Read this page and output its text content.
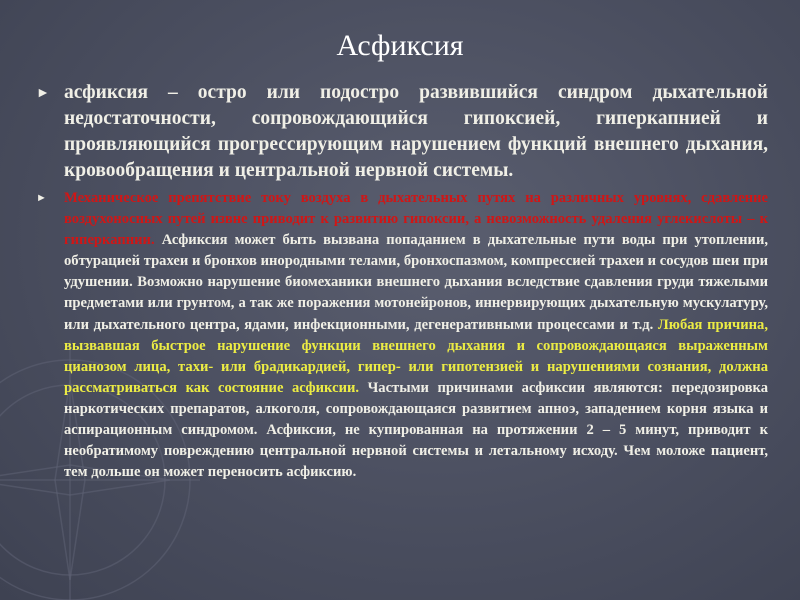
Асфиксия
► асфиксия – остро или подостро развившийся синдром дыхательной недостаточности, сопровождающийся гипоксией, гиперкапнией и проявляющийся прогрессирующим нарушением функций внешнего дыхания, кровообращения и центральной нервной системы.
► Механическое препятствие току воздуха в дыхательных путях на различных уровнях, сдавление воздухоносных путей извне приводит к развитию гипоксии, а невозможность удаления углекислоты – к гиперкапнии. Асфиксия может быть вызвана попаданием в дыхательные пути воды при утоплении, обтурацией трахеи и бронхов инородными телами, бронхоспазмом, компрессией трахеи и сосудов шеи при удушении. Возможно нарушение биомеханики внешнего дыхания вследствие сдавления груди тяжелыми предметами или грунтом, а так же поражения мотонейронов, иннервирующих дыхательную мускулатуру, или дыхательного центра, ядами, инфекционными, дегенеративными процессами и т.д. Любая причина, вызвавшая быстрое нарушение функции внешнего дыхания и сопровождающаяся выраженным цианозом лица, тахи- или брадикардией, гипер- или гипотензией и нарушениями сознания, должна рассматриваться как состояние асфиксии. Частыми причинами асфиксии являются: передозировка наркотических препаратов, алкоголя, сопровождающаяся развитием апноэ, западением корня языка и аспирационным синдромом. Асфиксия, не купированная на протяжении 2 – 5 минут, приводит к необратимому повреждению центральной нервной системы и летальному исходу. Чем моложе пациент, тем дольше он может переносить асфиксию.
